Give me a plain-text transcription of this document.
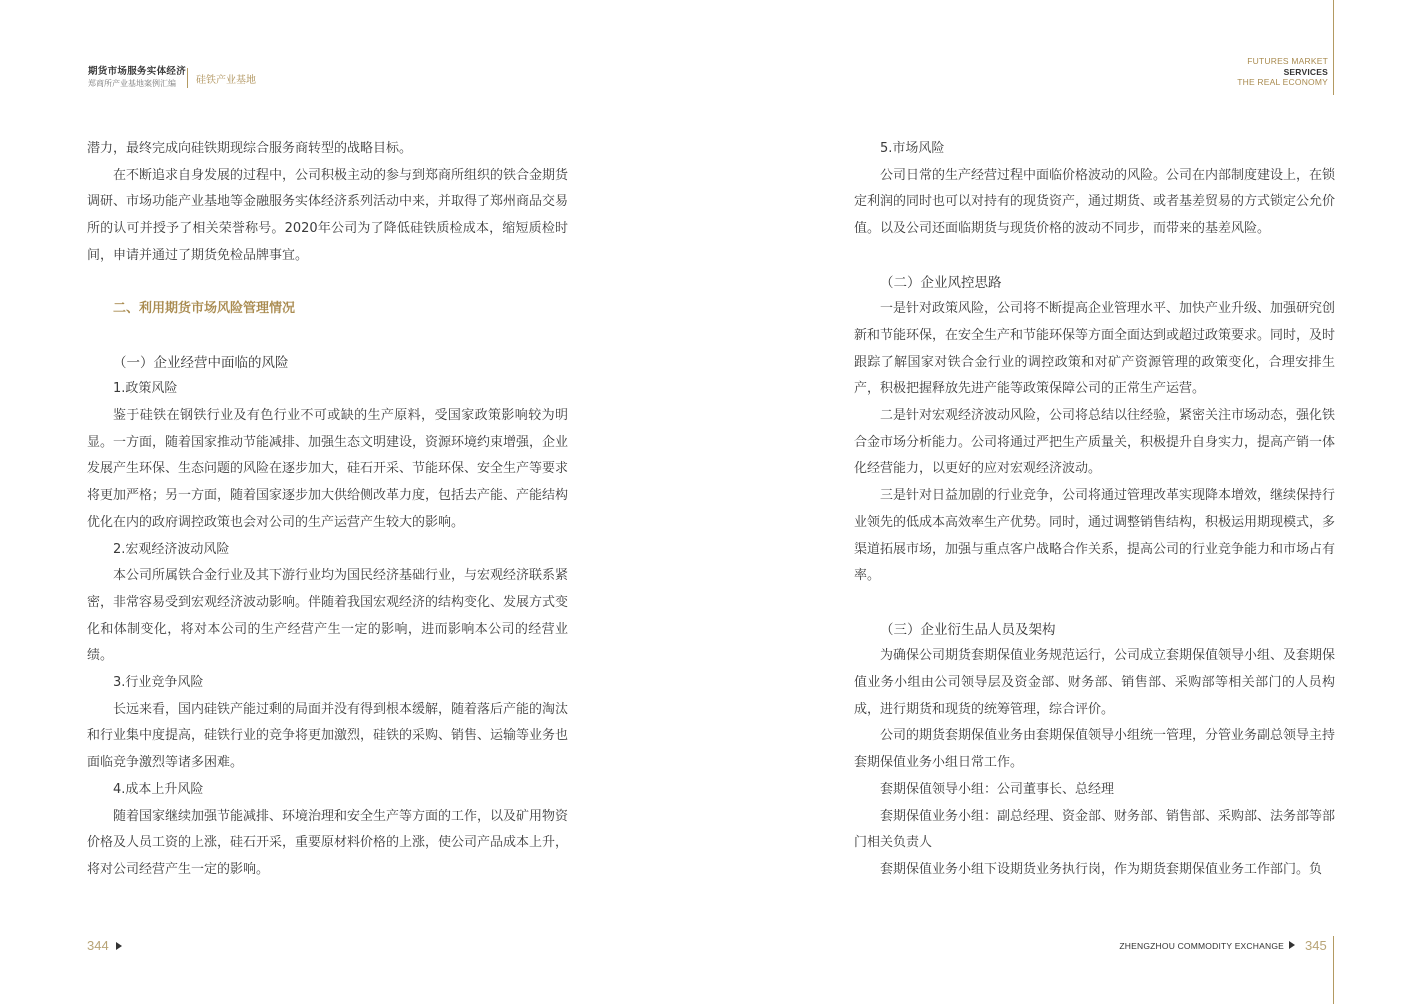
期货市场服务实体经济
郑商所产业基地案例汇编	硅铁产业基地
FUTURES MARKET
SERVICES
THE REAL ECONOMY

潜力，最终完成向硅铁期现综合服务商转型的战略目标。

在不断追求自身发展的过程中，公司积极主动的参与到郑商所组织的铁合金期货调研、市场功能产业基地等金融服务实体经济系列活动中来，并取得了郑州商品交易所的认可并授予了相关荣誉称号。2020年公司为了降低硅铁质检成本，缩短质检时间，申请并通过了期货免检品牌事宜。

二、利用期货市场风险管理情况

（一）企业经营中面临的风险

1.政策风险

鉴于硅铁在钢铁行业及有色行业不可或缺的生产原料，受国家政策影响较为明显。一方面，随着国家推动节能减排、加强生态文明建设，资源环境约束增强，企业发展产生环保、生态问题的风险在逐步加大，硅石开采、节能环保、安全生产等要求将更加严格；另一方面，随着国家逐步加大供给侧改革力度，包括去产能、产能结构优化在内的政府调控政策也会对公司的生产运营产生较大的影响。

2.宏观经济波动风险

本公司所属铁合金行业及其下游行业均为国民经济基础行业，与宏观经济联系紧密，非常容易受到宏观经济波动影响。伴随着我国宏观经济的结构变化、发展方式变化和体制变化，将对本公司的生产经营产生一定的影响，进而影响本公司的经营业绩。

3.行业竞争风险

长远来看，国内硅铁产能过剩的局面并没有得到根本缓解，随着落后产能的淘汰和行业集中度提高，硅铁行业的竞争将更加激烈，硅铁的采购、销售、运输等业务也面临竞争激烈等诸多困难。

4.成本上升风险

随着国家继续加强节能减排、环境治理和安全生产等方面的工作，以及矿用物资价格及人员工资的上涨，硅石开采，重要原材料价格的上涨，使公司产品成本上升，将对公司经营产生一定的影响。

5.市场风险

公司日常的生产经营过程中面临价格波动的风险。公司在内部制度建设上，在锁定利润的同时也可以对持有的现货资产，通过期货、或者基差贸易的方式锁定公允价值。以及公司还面临期货与现货价格的波动不同步，而带来的基差风险。

（二）企业风控思路

一是针对政策风险，公司将不断提高企业管理水平、加快产业升级、加强研究创新和节能环保，在安全生产和节能环保等方面全面达到或超过政策要求。同时，及时跟踪了解国家对铁合金行业的调控政策和对矿产资源管理的政策变化，合理安排生产，积极把握释放先进产能等政策保障公司的正常生产运营。

二是针对宏观经济波动风险，公司将总结以往经验，紧密关注市场动态，强化铁合金市场分析能力。公司将通过严把生产质量关，积极提升自身实力，提高产销一体化经营能力，以更好的应对宏观经济波动。

三是针对日益加剧的行业竞争，公司将通过管理改革实现降本增效，继续保持行业领先的低成本高效率生产优势。同时，通过调整销售结构，积极运用期现模式，多渠道拓展市场，加强与重点客户战略合作关系，提高公司的行业竞争能力和市场占有率。

（三）企业衍生品人员及架构

为确保公司期货套期保值业务规范运行，公司成立套期保值领导小组、及套期保值业务小组由公司领导层及资金部、财务部、销售部、采购部等相关部门的人员构成，进行期货和现货的统筹管理，综合评价。

公司的期货套期保值业务由套期保值领导小组统一管理，分管业务副总领导主持套期保值业务小组日常工作。

套期保值领导小组：公司董事长、总经理

套期保值业务小组：副总经理、资金部、财务部、销售部、采购部、法务部等部门相关负责人

套期保值业务小组下设期货业务执行岗，作为期货套期保值业务工作部门。负

344	ZHENGZHOU COMMODITY EXCHANGE 345
